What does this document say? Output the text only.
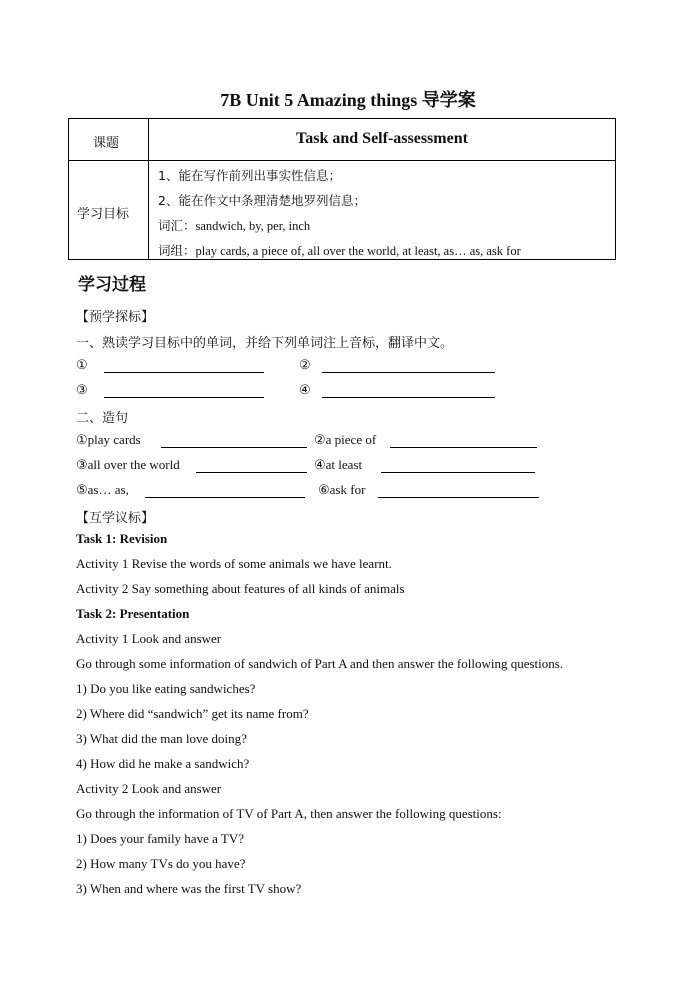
7B Unit 5 Amazing things 导学案
课题	Task and Self-assessment
学习目标
1、能在写作前列出事实性信息；
2、能在作文中条理清楚地罗列信息；
词汇：sandwich, by, per, inch
词组：play cards, a piece of, all over the world, at least, as… as, ask for
学习过程
【预学探标】
一、熟读学习目标中的单词，并给下列单词注上音标，翻译中文。
①	②
③	④
二、造句
①play cards	②a piece of
③all over the world	④at least
⑤as… as,	⑥ask for
【互学议标】
Task 1: Revision
Activity 1 Revise the words of some animals we have learnt.
Activity 2 Say something about features of all kinds of animals
Task 2: Presentation
Activity 1 Look and answer
Go through some information of sandwich of Part A and then answer the following questions.
1) Do you like eating sandwiches?
2) Where did “sandwich” get its name from?
3) What did the man love doing?
4) How did he make a sandwich?
Activity 2 Look and answer
Go through the information of TV of Part A, then answer the following questions:
1) Does your family have a TV?
2) How many TVs do you have?
3) When and where was the first TV show?
